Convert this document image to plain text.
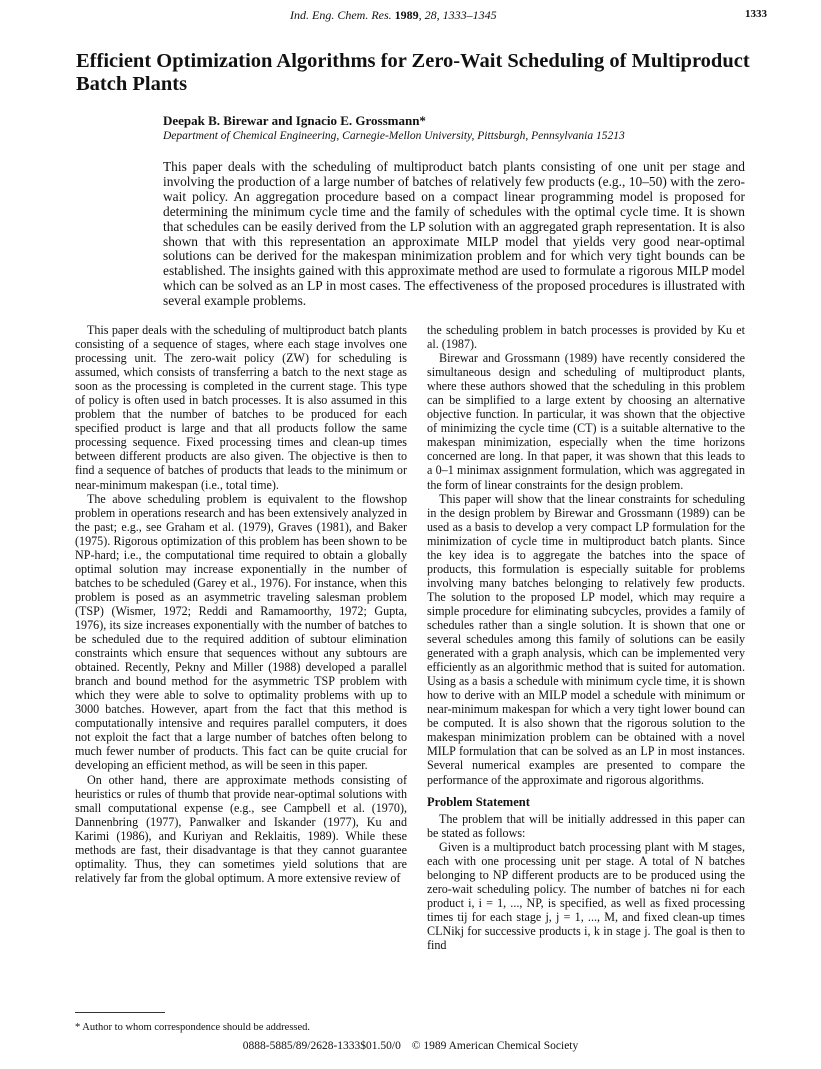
Ind. Eng. Chem. Res. 1989, 28, 1333–1345	1333
Efficient Optimization Algorithms for Zero-Wait Scheduling of Multiproduct Batch Plants

Deepak B. Birewar and Ignacio E. Grossmann*

Department of Chemical Engineering, Carnegie-Mellon University, Pittsburgh, Pennsylvania 15213

This paper deals with the scheduling of multiproduct batch plants consisting of one unit per stage and involving the production of a large number of batches of relatively few products (e.g., 10–50) with the zero-wait policy. An aggregation procedure based on a compact linear programming model is proposed for determining the minimum cycle time and the family of schedules with the optimal cycle time. It is shown that schedules can be easily derived from the LP solution with an aggregated graph representation. It is also shown that with this representation an approximate MILP model that yields very good near-optimal solutions can be derived for the makespan minimization problem and for which very tight bounds can be established. The insights gained with this approximate method are used to formulate a rigorous MILP model which can be solved as an LP in most cases. The effectiveness of the proposed procedures is illustrated with several example problems.

This paper deals with the scheduling of multiproduct batch plants consisting of a sequence of stages, where each stage involves one processing unit. The zero-wait policy (ZW) for scheduling is assumed, which consists of transferring a batch to the next stage as soon as the processing is completed in the current stage. This type of policy is often used in batch processes. It is also assumed in this problem that the number of batches to be produced for each specified product is large and that all products follow the same processing sequence. Fixed processing times and clean-up times between different products are also given. The objective is then to find a sequence of batches of products that leads to the minimum or near-minimum makespan (i.e., total time).

The above scheduling problem is equivalent to the flowshop problem in operations research and has been extensively analyzed in the past; e.g., see Graham et al. (1979), Graves (1981), and Baker (1975). Rigorous optimization of this problem has been shown to be NP-hard; i.e., the computational time required to obtain a globally optimal solution may increase exponentially in the number of batches to be scheduled (Garey et al., 1976). For instance, when this problem is posed as an asymmetric traveling salesman problem (TSP) (Wismer, 1972; Reddi and Ramamoorthy, 1972; Gupta, 1976), its size increases exponentially with the number of batches to be scheduled due to the required addition of subtour elimination constraints which ensure that sequences without any subtours are obtained. Recently, Pekny and Miller (1988) developed a parallel branch and bound method for the asymmetric TSP problem with which they were able to solve to optimality problems with up to 3000 batches. However, apart from the fact that this method is computationally intensive and requires parallel computers, it does not exploit the fact that a large number of batches often belong to much fewer number of products. This fact can be quite crucial for developing an efficient method, as will be seen in this paper.

On other hand, there are approximate methods consisting of heuristics or rules of thumb that provide near-optimal solutions with small computational expense (e.g., see Campbell et al. (1970), Dannenbring (1977), Panwalker and Iskander (1977), Ku and Karimi (1986), and Kuriyan and Reklaitis, 1989). While these methods are fast, their disadvantage is that they cannot guarantee optimality. Thus, they can sometimes yield solutions that are relatively far from the global optimum. A more extensive review of

the scheduling problem in batch processes is provided by Ku et al. (1987).

Birewar and Grossmann (1989) have recently considered the simultaneous design and scheduling of multiproduct plants, where these authors showed that the scheduling in this problem can be simplified to a large extent by choosing an alternative objective function. In particular, it was shown that the objective of minimizing the cycle time (CT) is a suitable alternative to the makespan minimization, especially when the time horizons concerned are long. In that paper, it was shown that this leads to a 0–1 minimax assignment formulation, which was aggregated in the form of linear constraints for the design problem.

This paper will show that the linear constraints for scheduling in the design problem by Birewar and Grossmann (1989) can be used as a basis to develop a very compact LP formulation for the minimization of cycle time in multiproduct batch plants. Since the key idea is to aggregate the batches into the space of products, this formulation is especially suitable for problems involving many batches belonging to relatively few products. The solution to the proposed LP model, which may require a simple procedure for eliminating subcycles, provides a family of schedules rather than a single solution. It is shown that one or several schedules among this family of solutions can be easily generated with a graph analysis, which can be implemented very efficiently as an algorithmic method that is suited for automation. Using as a basis a schedule with minimum cycle time, it is shown how to derive with an MILP model a schedule with minimum or near-minimum makespan for which a very tight lower bound can be computed. It is also shown that the rigorous solution to the makespan minimization problem can be obtained with a novel MILP formulation that can be solved as an LP in most instances. Several numerical examples are presented to compare the performance of the approximate and rigorous algorithms.

Problem Statement

The problem that will be initially addressed in this paper can be stated as follows:

Given is a multiproduct batch processing plant with M stages, each with one processing unit per stage. A total of N batches belonging to NP different products are to be produced using the zero-wait scheduling policy. The number of batches ni for each product i, i = 1, ..., NP, is specified, as well as fixed processing times tij for each stage j, j = 1, ..., M, and fixed clean-up times CLNikj for successive products i, k in stage j. The goal is then to find

* Author to whom correspondence should be addressed.
0888-5885/89/2628-1333$01.50/0 © 1989 American Chemical Society
